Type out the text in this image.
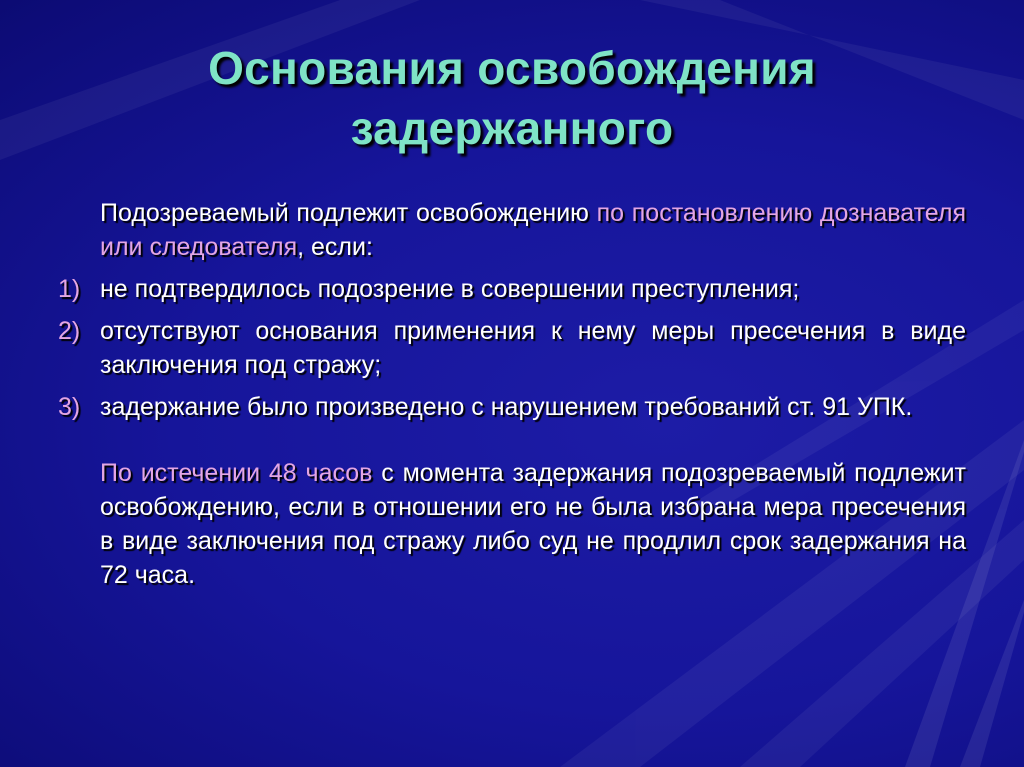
Основания освобождения задержанного
Подозреваемый подлежит освобождению по постановлению дознавателя или следователя, если:
1) не подтвердилось подозрение в совершении преступления;
2) отсутствуют основания применения к нему меры пресечения в виде заключения под стражу;
3) задержание было произведено с нарушением требований ст. 91 УПК.
По истечении 48 часов с момента задержания подозреваемый подлежит освобождению, если в отношении его не была избрана мера пресечения в виде заключения под стражу либо суд не продлил срок задержания на 72 часа.
